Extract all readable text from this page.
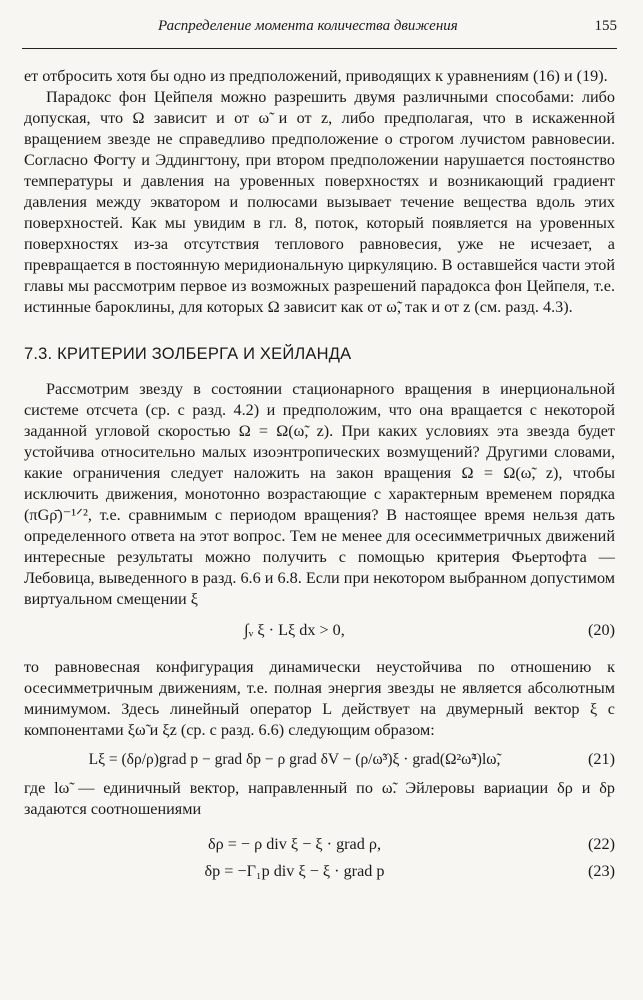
Распределение момента количества движения	155

ет отбросить хотя бы одно из предположений, приводящих к уравнениям (16) и (19).

Парадокс фон Цейпеля можно разрешить двумя различными способами: либо допуская, что Ω зависит и от ω̃ и от z, либо предполагая, что в искаженной вращением звезде не справедливо предположение о строгом лучистом равновесии. Согласно Фогту и Эддингтону, при втором предположении нарушается постоянство температуры и давления на уровенных поверхностях и возникающий градиент давления между экватором и полюсами вызывает течение вещества вдоль этих поверхностей. Как мы увидим в гл. 8, поток, который появляется на уровенных поверхностях из-за отсутствия теплового равновесия, уже не исчезает, а превращается в постоянную меридиональную циркуляцию. В оставшейся части этой главы мы рассмотрим первое из возможных разрешений парадокса фон Цейпеля, т.е. истинные бароклины, для которых Ω зависит как от ω̃, так и от z (см. разд. 4.3).

7.3. КРИТЕРИИ ЗОЛБЕРГА И ХЕЙЛАНДА

Рассмотрим звезду в состоянии стационарного вращения в инерциональной системе отсчета (ср. с разд. 4.2) и предположим, что она вращается с некоторой заданной угловой скоростью Ω = Ω(ω̃, z). При каких условиях эта звезда будет устойчива относительно малых изоэнтропических возмущений? Другими словами, какие ограничения следует наложить на закон вращения Ω = Ω(ω̃, z), чтобы исключить движения, монотонно возрастающие с характерным временем порядка (πGρ̄)⁻¹ᐟ², т.е. сравнимым с периодом вращения? В настоящее время нельзя дать определенного ответа на этот вопрос. Тем не менее для осесимметричных движений интересные результаты можно получить с помощью критерия Фьертофта — Лебовица, выведенного в разд. 6.6 и 6.8. Если при некотором выбранном допустимом виртуальном смещении ξ

∫ᵥ ξ · Lξ dx > 0,	(20)

то равновесная конфигурация динамически неустойчива по отношению к осесимметричным движениям, т.е. полная энергия звезды не является абсолютным минимумом. Здесь линейный оператор L действует на двумерный вектор ξ с компонентами ξω̃ и ξz (ср. с разд. 6.6) следующим образом:

Lξ = (δρ/ρ)grad p − grad δp − ρ grad δV − (ρ/ω̃³)ξ · grad(Ω²ω̃⁴)lω̃,	(21)

где lω̃ — единичный вектор, направленный по ω̃. Эйлеровы вариации δρ и δp задаются соотношениями

δρ = − ρ div ξ − ξ · grad ρ,	(22)
δp = −Γ₁p div ξ − ξ · grad p	(23)
